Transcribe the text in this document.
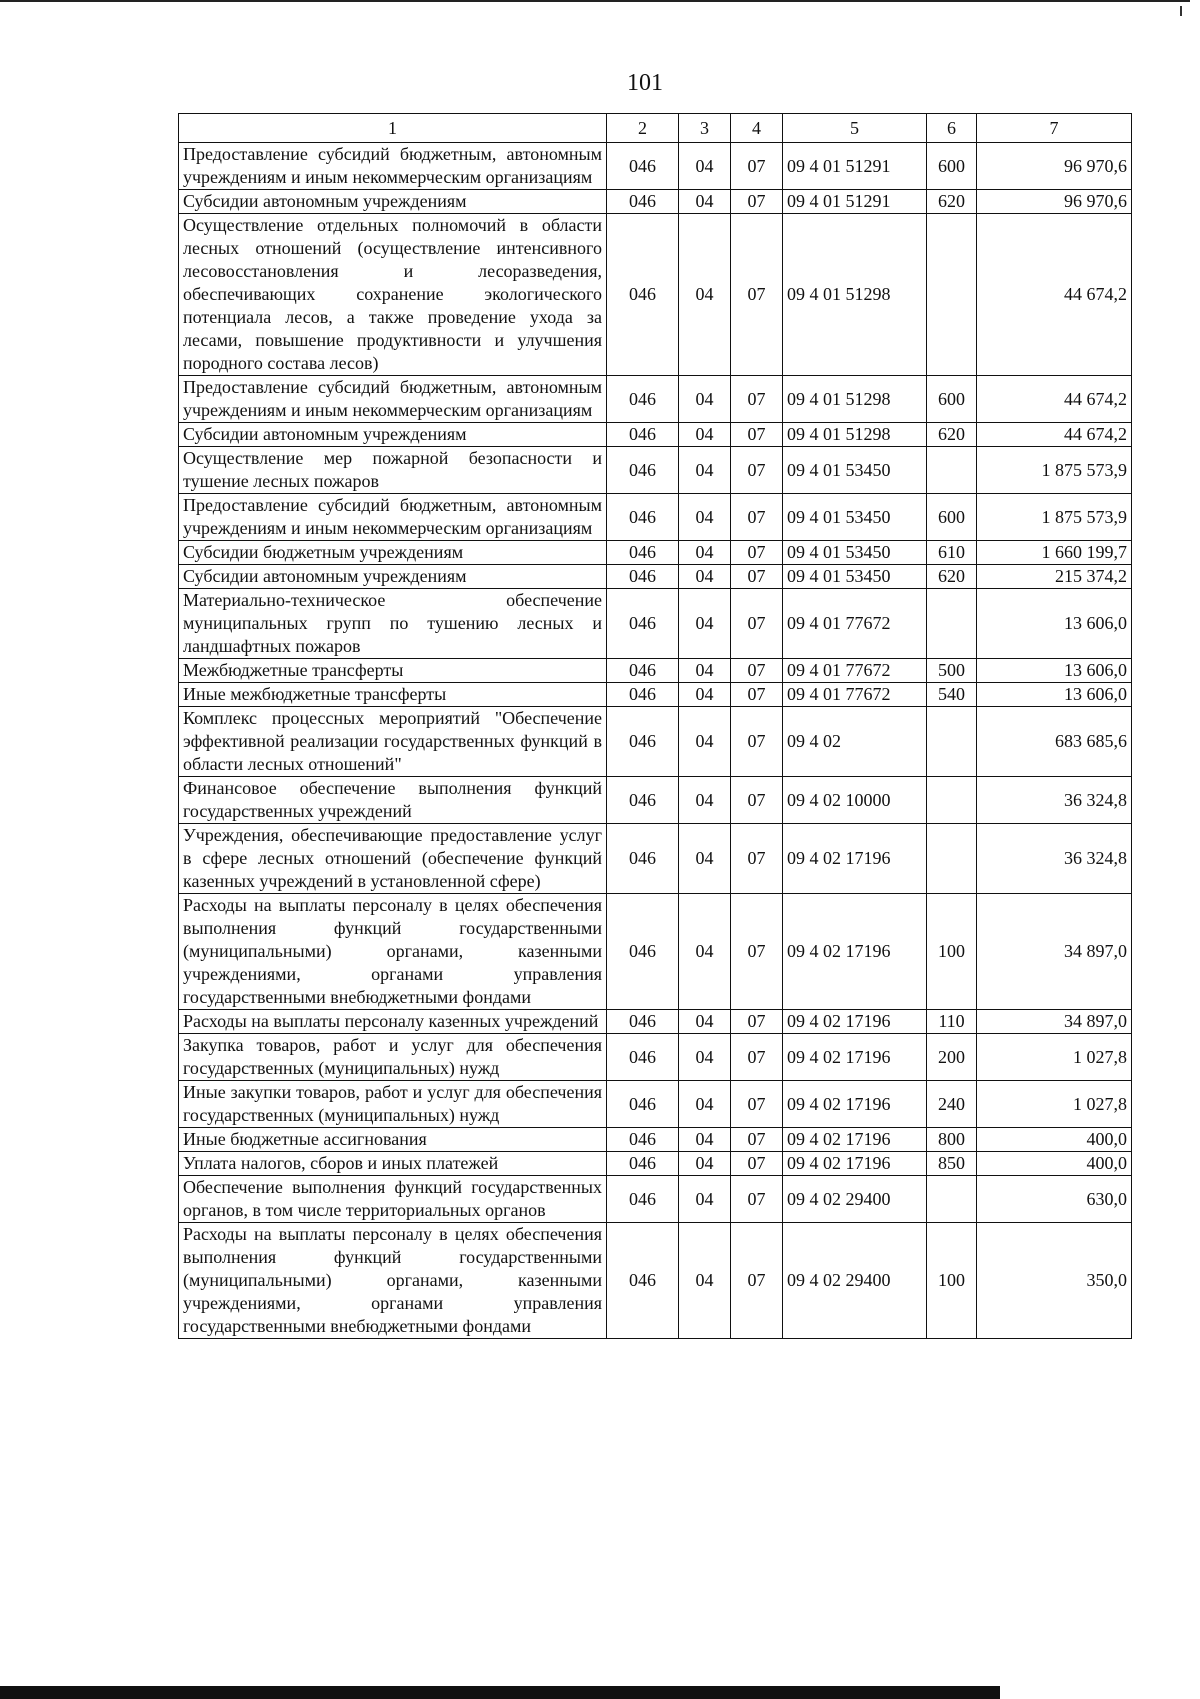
101
1	2	3	4	5	6	7
Предоставление субсидий бюджетным, автономным учреждениям и иным некоммерческим организациям	046	04	07	09 4 01 51291	600	96 970,6
Субсидии автономным учреждениям	046	04	07	09 4 01 51291	620	96 970,6
Осуществление отдельных полномочий в области лесных отношений (осуществление интенсивного лесовосстановления и лесоразведения, обеспечивающих сохранение экологического потенциала лесов, а также проведение ухода за лесами, повышение продуктивности и улучшения породного состава лесов)	046	04	07	09 4 01 51298		44 674,2
Предоставление субсидий бюджетным, автономным учреждениям и иным некоммерческим организациям	046	04	07	09 4 01 51298	600	44 674,2
Субсидии автономным учреждениям	046	04	07	09 4 01 51298	620	44 674,2
Осуществление мер пожарной безопасности и тушение лесных пожаров	046	04	07	09 4 01 53450		1 875 573,9
Предоставление субсидий бюджетным, автономным учреждениям и иным некоммерческим организациям	046	04	07	09 4 01 53450	600	1 875 573,9
Субсидии бюджетным учреждениям	046	04	07	09 4 01 53450	610	1 660 199,7
Субсидии автономным учреждениям	046	04	07	09 4 01 53450	620	215 374,2
Материально-техническое обеспечение муниципальных групп по тушению лесных и ландшафтных пожаров	046	04	07	09 4 01 77672		13 606,0
Межбюджетные трансферты	046	04	07	09 4 01 77672	500	13 606,0
Иные межбюджетные трансферты	046	04	07	09 4 01 77672	540	13 606,0
Комплекс процессных мероприятий "Обеспечение эффективной реализации государственных функций в области лесных отношений"	046	04	07	09 4 02		683 685,6
Финансовое обеспечение выполнения функций государственных учреждений	046	04	07	09 4 02 10000		36 324,8
Учреждения, обеспечивающие предоставление услуг в сфере лесных отношений (обеспечение функций казенных учреждений в установленной сфере)	046	04	07	09 4 02 17196		36 324,8
Расходы на выплаты персоналу в целях обеспечения выполнения функций государственными (муниципальными) органами, казенными учреждениями, органами управления государственными внебюджетными фондами	046	04	07	09 4 02 17196	100	34 897,0
Расходы на выплаты персоналу казенных учреждений	046	04	07	09 4 02 17196	110	34 897,0
Закупка товаров, работ и услуг для обеспечения государственных (муниципальных) нужд	046	04	07	09 4 02 17196	200	1 027,8
Иные закупки товаров, работ и услуг для обеспечения государственных (муниципальных) нужд	046	04	07	09 4 02 17196	240	1 027,8
Иные бюджетные ассигнования	046	04	07	09 4 02 17196	800	400,0
Уплата налогов, сборов и иных платежей	046	04	07	09 4 02 17196	850	400,0
Обеспечение выполнения функций государственных органов, в том числе территориальных органов	046	04	07	09 4 02 29400		630,0
Расходы на выплаты персоналу в целях обеспечения выполнения функций государственными (муниципальными) органами, казенными учреждениями, органами управления государственными внебюджетными фондами	046	04	07	09 4 02 29400	100	350,0
